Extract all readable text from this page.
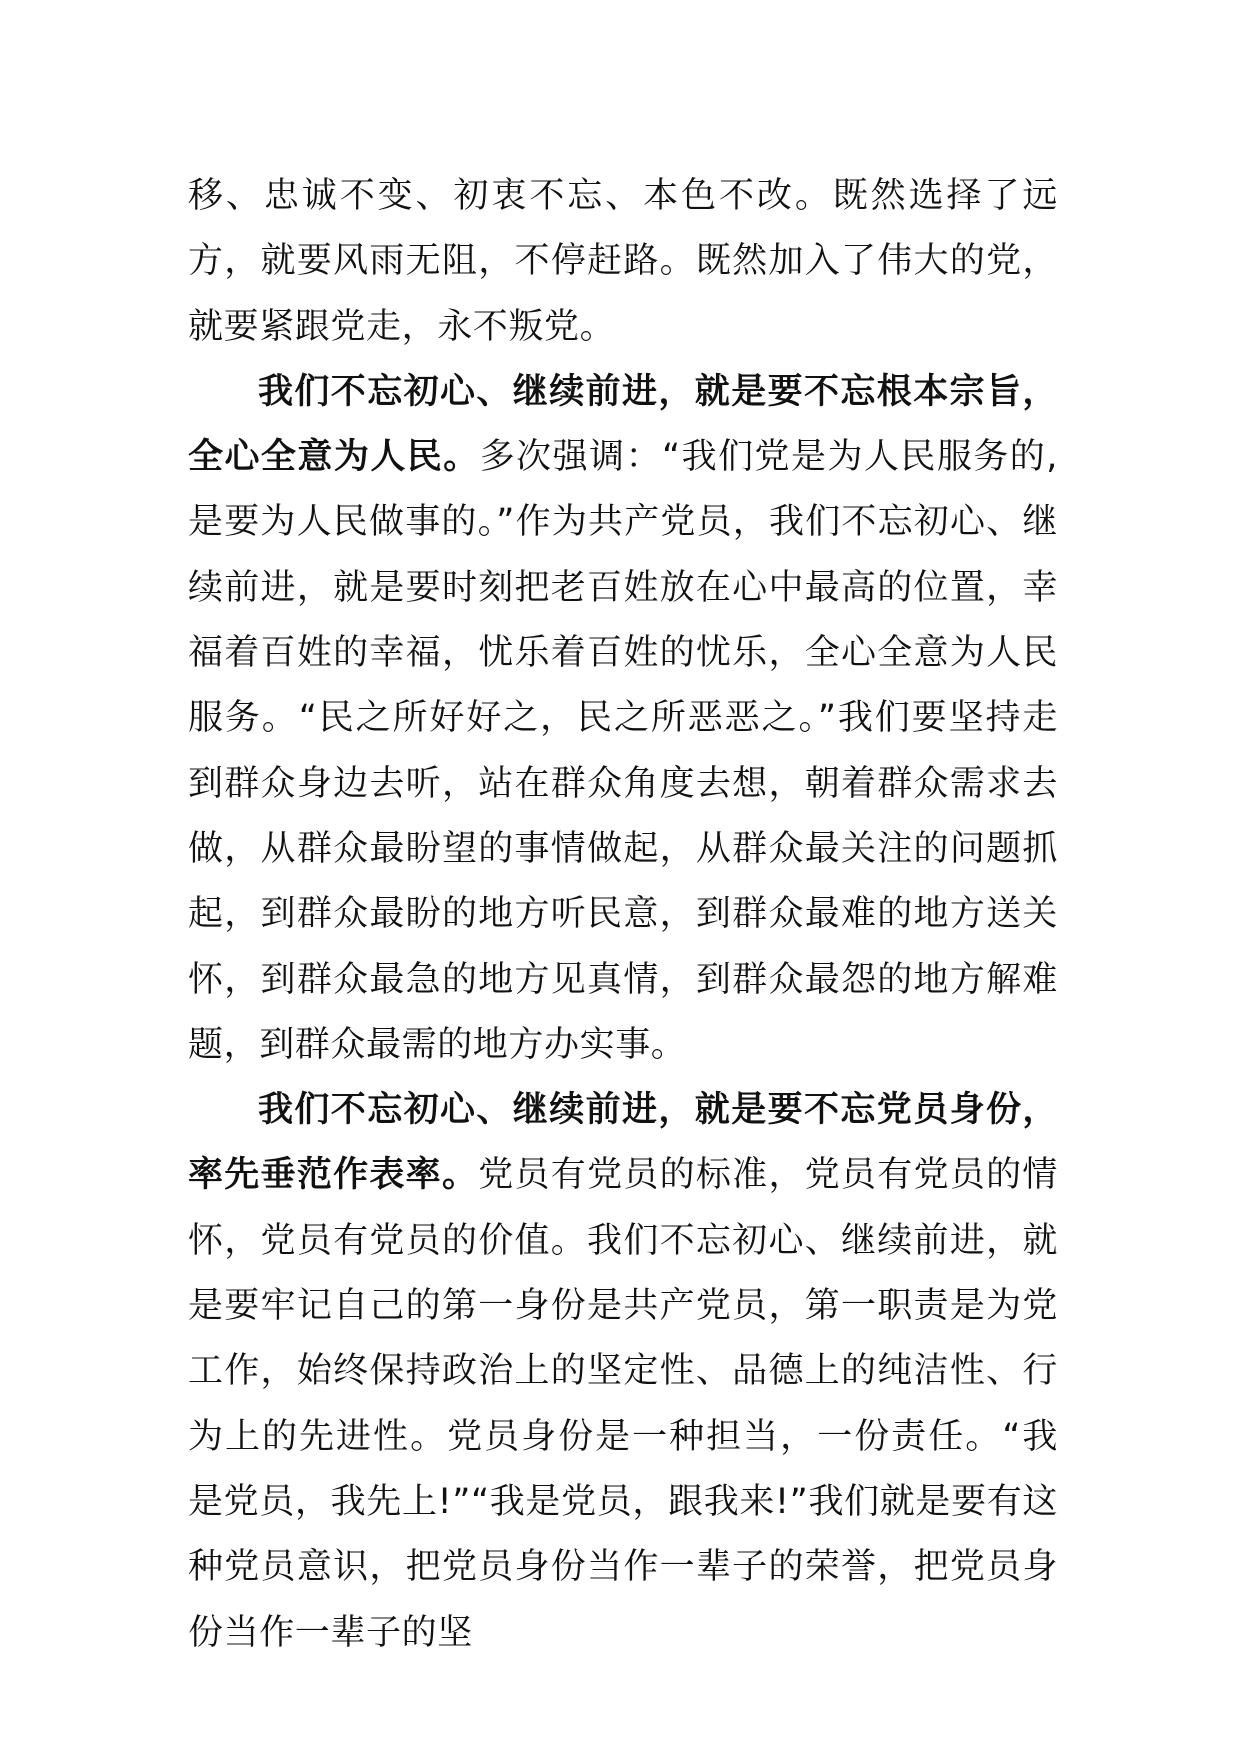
移、忠诚不变、初衷不忘、本色不改。既然选择了远方，就要风雨无阻，不停赶路。既然加入了伟大的党，就要紧跟党走，永不叛党。

我们不忘初心、继续前进，就是要不忘根本宗旨，全心全意为人民。多次强调：“我们党是为人民服务的,是要为人民做事的。”作为共产党员，我们不忘初心、继续前进，就是要时刻把老百姓放在心中最高的位置，幸福着百姓的幸福，忧乐着百姓的忧乐，全心全意为人民服务。“民之所好好之，民之所恶恶之。”我们要坚持走到群众身边去听，站在群众角度去想，朝着群众需求去做，从群众最盼望的事情做起，从群众最关注的问题抓起，到群众最盼的地方听民意，到群众最难的地方送关怀，到群众最急的地方见真情，到群众最怨的地方解难题，到群众最需的地方办实事。

我们不忘初心、继续前进，就是要不忘党员身份，率先垂范作表率。党员有党员的标准，党员有党员的情怀，党员有党员的价值。我们不忘初心、继续前进，就是要牢记自己的第一身份是共产党员，第一职责是为党工作，始终保持政治上的坚定性、品德上的纯洁性、行为上的先进性。党员身份是一种担当，一份责任。“我是党员，我先上!”“我是党员，跟我来!”我们就是要有这种党员意识，把党员身份当作一辈子的荣誉，把党员身份当作一辈子的坚
